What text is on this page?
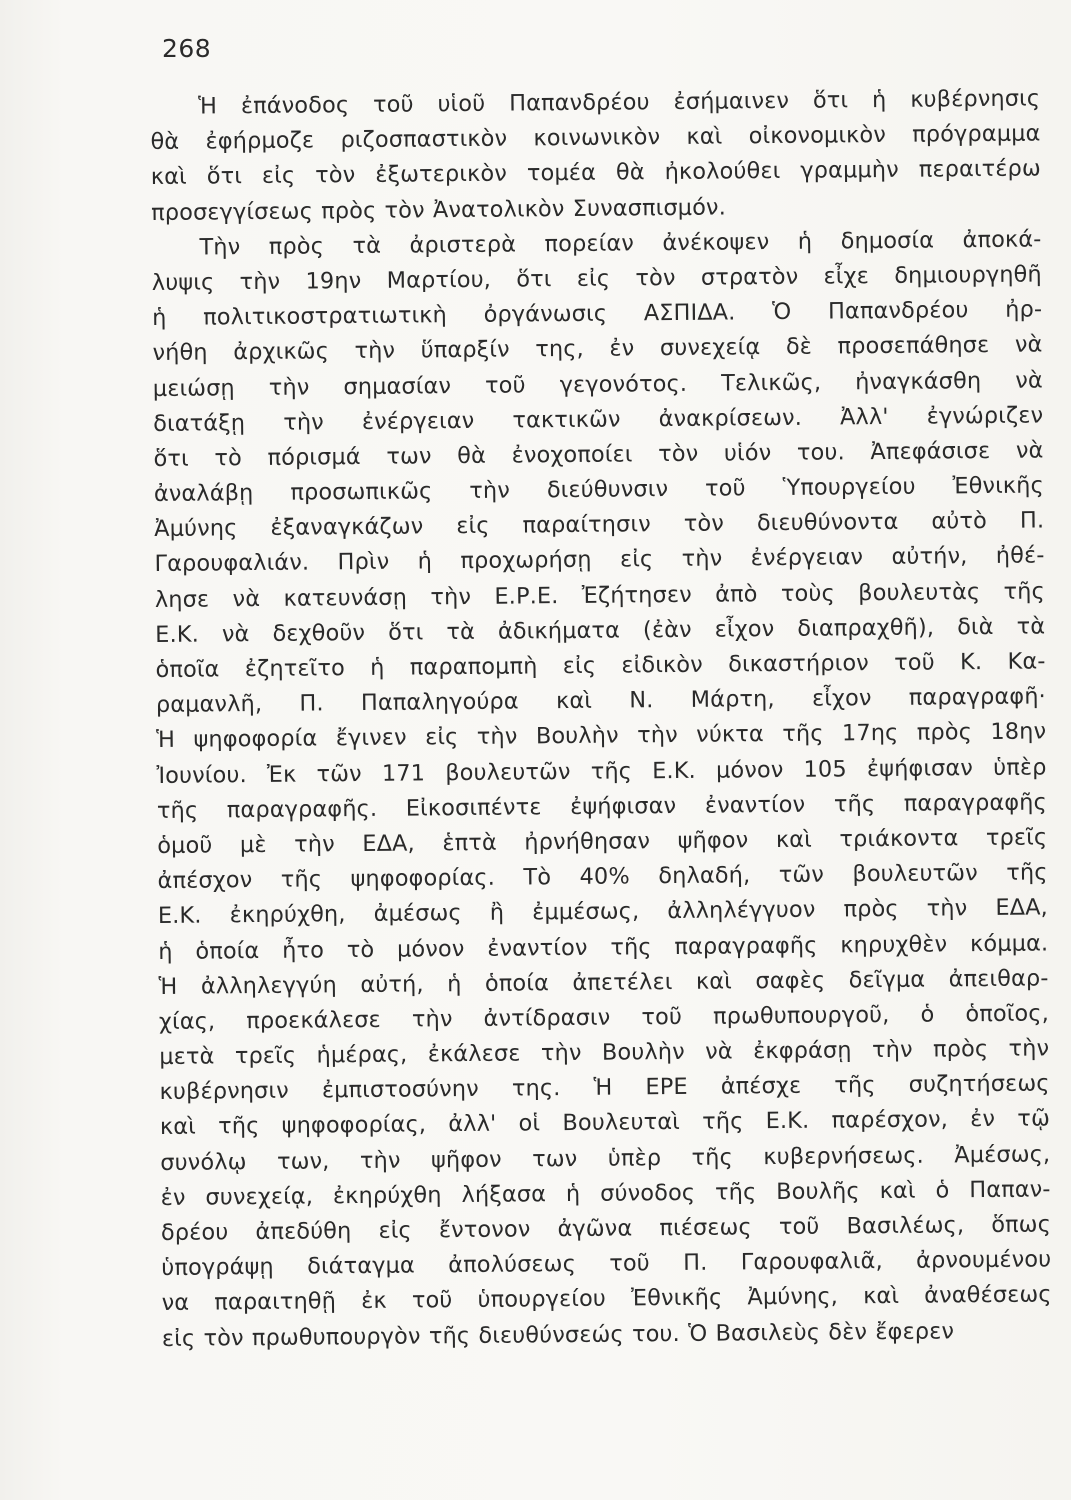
268
Ἡ ἐπάνοδος τοῦ υἱοῦ Παπανδρέου ἐσήμαινεν ὅτι ἡ κυβέρνησις
θὰ ἐφήρμοζε ριζοσπαστικὸν κοινωνικὸν καὶ οἰκονομικὸν πρόγραμμα
καὶ ὅτι εἰς τὸν ἐξωτερικὸν τομέα θὰ ἠκολούθει γραμμὴν περαιτέρω
προσεγγίσεως πρὸς τὸν Ἀνατολικὸν Συνασπισμόν.
Τὴν πρὸς τὰ ἀριστερὰ πορείαν ἀνέκοψεν ἡ δημοσία ἀποκά-
λυψις τὴν 19ην Μαρτίου, ὅτι εἰς τὸν στρατὸν εἶχε δημιουργηθῆ
ἡ πολιτικοστρατιωτικὴ ὀργάνωσις ΑΣΠΙΔΑ. Ὁ Παπανδρέου ἠρ-
νήθη ἀρχικῶς τὴν ὕπαρξίν της, ἐν συνεχείᾳ δὲ προσεπάθησε νὰ
μειώσῃ τὴν σημασίαν τοῦ γεγονότος. Τελικῶς, ἠναγκάσθη νὰ
διατάξῃ τὴν ἐνέργειαν τακτικῶν ἀνακρίσεων. Ἀλλ' ἐγνώριζεν
ὅτι τὸ πόρισμά των θὰ ἐνοχοποίει τὸν υἱόν του. Ἀπεφάσισε νὰ
ἀναλάβῃ προσωπικῶς τὴν διεύθυνσιν τοῦ Ὑπουργείου Ἐθνικῆς
Ἀμύνης ἐξαναγκάζων εἰς παραίτησιν τὸν διευθύνοντα αὐτὸ Π.
Γαρουφαλιάν. Πρὶν ἡ προχωρήσῃ εἰς τὴν ἐνέργειαν αὐτήν, ἠθέ-
λησε νὰ κατευνάσῃ τὴν Ε.Ρ.Ε. Ἐζήτησεν ἀπὸ τοὺς βουλευτὰς τῆς
Ε.Κ. νὰ δεχθοῦν ὅτι τὰ ἀδικήματα (ἐὰν εἶχον διαπραχθῆ), διὰ τὰ
ὁποῖα ἐζητεῖτο ἡ παραπομπὴ εἰς εἰδικὸν δικαστήριον τοῦ Κ. Κα-
ραμανλῆ, Π. Παπαληγούρα καὶ Ν. Μάρτη, εἶχον παραγραφῆ·
Ἡ ψηφοφορία ἔγινεν εἰς τὴν Βουλὴν τὴν νύκτα τῆς 17ης πρὸς 18ην
Ἰουνίου. Ἐκ τῶν 171 βουλευτῶν τῆς Ε.Κ. μόνον 105 ἐψήφισαν ὑπὲρ
τῆς παραγραφῆς. Εἰκοσιπέντε ἐψήφισαν ἐναντίον τῆς παραγραφῆς
ὁμοῦ μὲ τὴν ΕΔΑ, ἑπτὰ ἠρνήθησαν ψῆφον καὶ τριάκοντα τρεῖς
ἀπέσχον τῆς ψηφοφορίας. Τὸ 40% δηλαδή, τῶν βουλευτῶν τῆς
Ε.Κ. ἐκηρύχθη, ἀμέσως ἢ ἐμμέσως, ἀλληλέγγυον πρὸς τὴν ΕΔΑ,
ἡ ὁποία ἦτο τὸ μόνον ἐναντίον τῆς παραγραφῆς κηρυχθὲν κόμμα.
Ἡ ἀλληλεγγύη αὐτή, ἡ ὁποία ἀπετέλει καὶ σαφὲς δεῖγμα ἀπειθαρ-
χίας, προεκάλεσε τὴν ἀντίδρασιν τοῦ πρωθυπουργοῦ, ὁ ὁποῖος,
μετὰ τρεῖς ἡμέρας, ἐκάλεσε τὴν Βουλὴν νὰ ἐκφράσῃ τὴν πρὸς τὴν
κυβέρνησιν ἐμπιστοσύνην της. Ἡ ΕΡΕ ἀπέσχε τῆς συζητήσεως
καὶ τῆς ψηφοφορίας, ἀλλ' οἱ Βουλευταὶ τῆς Ε.Κ. παρέσχον, ἐν τῷ
συνόλῳ των, τὴν ψῆφον των ὑπὲρ τῆς κυβερνήσεως. Ἀμέσως,
ἐν συνεχείᾳ, ἐκηρύχθη λήξασα ἡ σύνοδος τῆς Βουλῆς καὶ ὁ Παπαν-
δρέου ἀπεδύθη εἰς ἔντονον ἀγῶνα πιέσεως τοῦ Βασιλέως, ὅπως
ὑπογράψῃ διάταγμα ἀπολύσεως τοῦ Π. Γαρουφαλιᾶ, ἀρνουμένου
να παραιτηθῇ ἐκ τοῦ ὑπουργείου Ἐθνικῆς Ἀμύνης, καὶ ἀναθέσεως
εἰς τὸν πρωθυπουργὸν τῆς διευθύνσεώς του. Ὁ Βασιλεὺς δὲν ἔφερεν
